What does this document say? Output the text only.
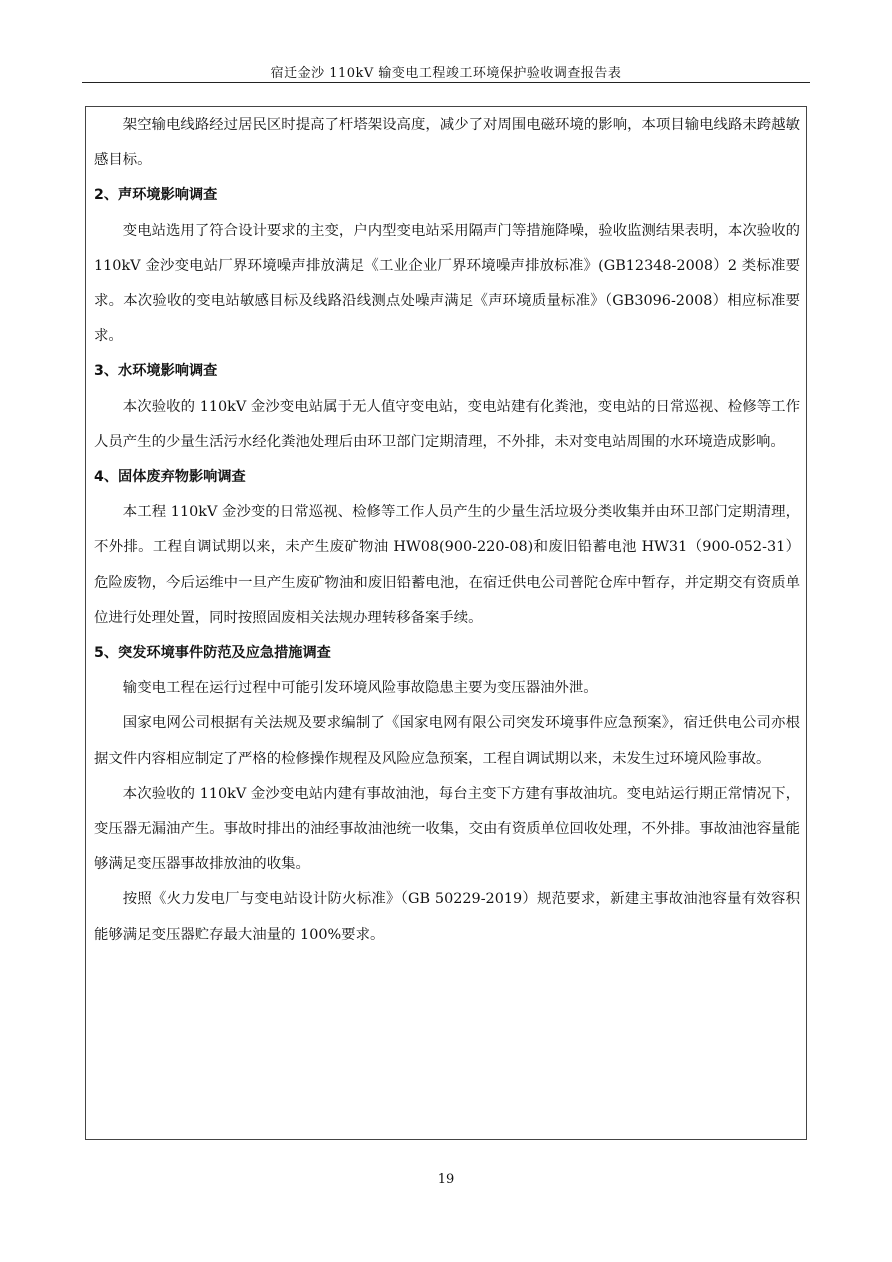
宿迁金沙 110kV 输变电工程竣工环境保护验收调查报告表

架空输电线路经过居民区时提高了杆塔架设高度，减少了对周围电磁环境的影响，本项目输电线路未跨越敏感目标。

2、声环境影响调查

变电站选用了符合设计要求的主变，户内型变电站采用隔声门等措施降噪，验收监测结果表明，本次验收的 110kV 金沙变电站厂界环境噪声排放满足《工业企业厂界环境噪声排放标准》(GB12348-2008）2 类标准要求。本次验收的变电站敏感目标及线路沿线测点处噪声满足《声环境质量标准》（GB3096-2008）相应标准要求。

3、水环境影响调查

本次验收的 110kV 金沙变电站属于无人值守变电站，变电站建有化粪池，变电站的日常巡视、检修等工作人员产生的少量生活污水经化粪池处理后由环卫部门定期清理，不外排，未对变电站周围的水环境造成影响。

4、固体废弃物影响调查

本工程 110kV 金沙变的日常巡视、检修等工作人员产生的少量生活垃圾分类收集并由环卫部门定期清理，不外排。工程自调试期以来，未产生废矿物油 HW08(900-220-08)和废旧铅蓄电池 HW31（900-052-31）危险废物，今后运维中一旦产生废矿物油和废旧铅蓄电池，在宿迁供电公司普陀仓库中暂存，并定期交有资质单位进行处理处置，同时按照固废相关法规办理转移备案手续。

5、突发环境事件防范及应急措施调查

输变电工程在运行过程中可能引发环境风险事故隐患主要为变压器油外泄。

国家电网公司根据有关法规及要求编制了《国家电网有限公司突发环境事件应急预案》，宿迁供电公司亦根据文件内容相应制定了严格的检修操作规程及风险应急预案，工程自调试期以来，未发生过环境风险事故。

本次验收的 110kV 金沙变电站内建有事故油池，每台主变下方建有事故油坑。变电站运行期正常情况下，变压器无漏油产生。事故时排出的油经事故油池统一收集，交由有资质单位回收处理，不外排。事故油池容量能够满足变压器事故排放油的收集。

按照《火力发电厂与变电站设计防火标准》（GB 50229-2019）规范要求，新建主事故油池容量有效容积能够满足变压器贮存最大油量的 100%要求。

19
